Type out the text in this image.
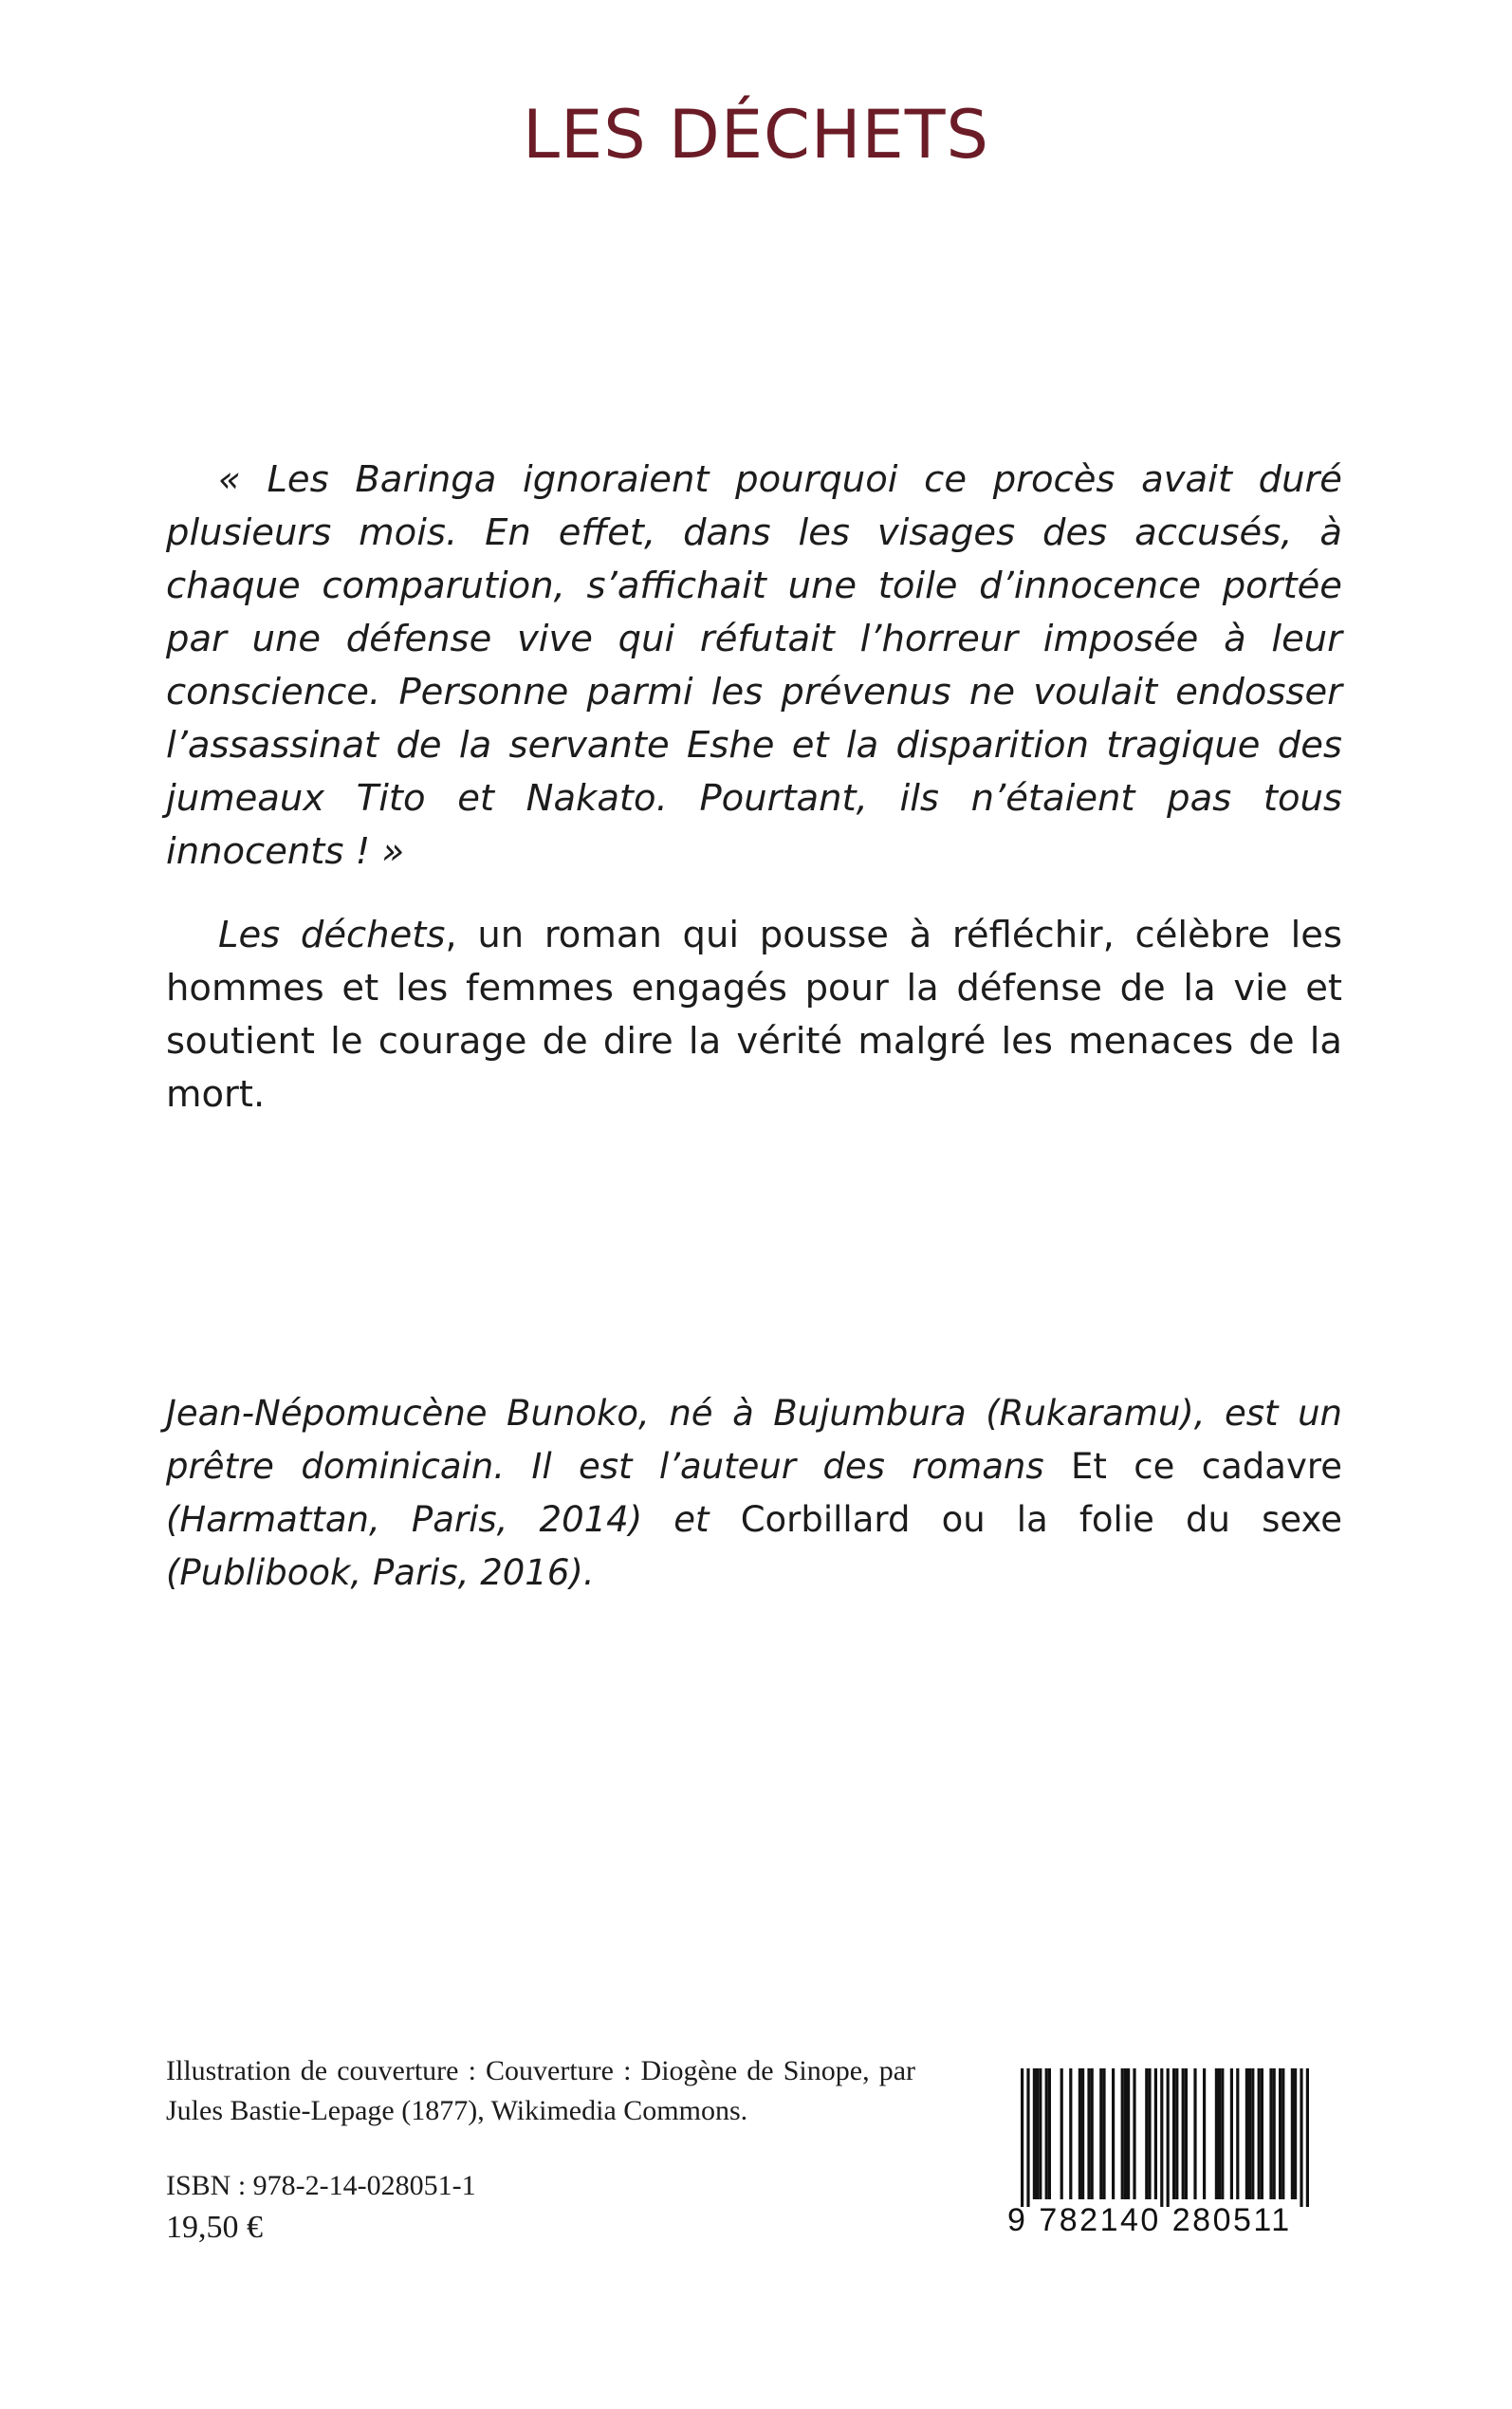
LES DÉCHETS

« Les Baringa ignoraient pourquoi ce procès avait duré plusieurs mois. En effet, dans les visages des accusés, à chaque comparution, s’affichait une toile d’innocence portée par une défense vive qui réfutait l’horreur imposée à leur conscience. Personne parmi les prévenus ne voulait endosser l’assassinat de la servante Eshe et la disparition tragique des jumeaux Tito et Nakato. Pourtant, ils n’étaient pas tous innocents ! »

Les déchets, un roman qui pousse à réfléchir, célèbre les hommes et les femmes engagés pour la défense de la vie et soutient le courage de dire la vérité malgré les menaces de la mort.

Jean-Népomucène Bunoko, né à Bujumbura (Rukaramu), est un prêtre dominicain. Il est l’auteur des romans Et ce cadavre (Harmattan, Paris, 2014) et Corbillard ou la folie du sexe (Publibook, Paris, 2016).

Illustration de couverture : Couverture : Diogène de Sinope, par Jules Bastie-Lepage (1877), Wikimedia Commons.

ISBN : 978-2-14-028051-1

19,50 €	9 782140 280511
